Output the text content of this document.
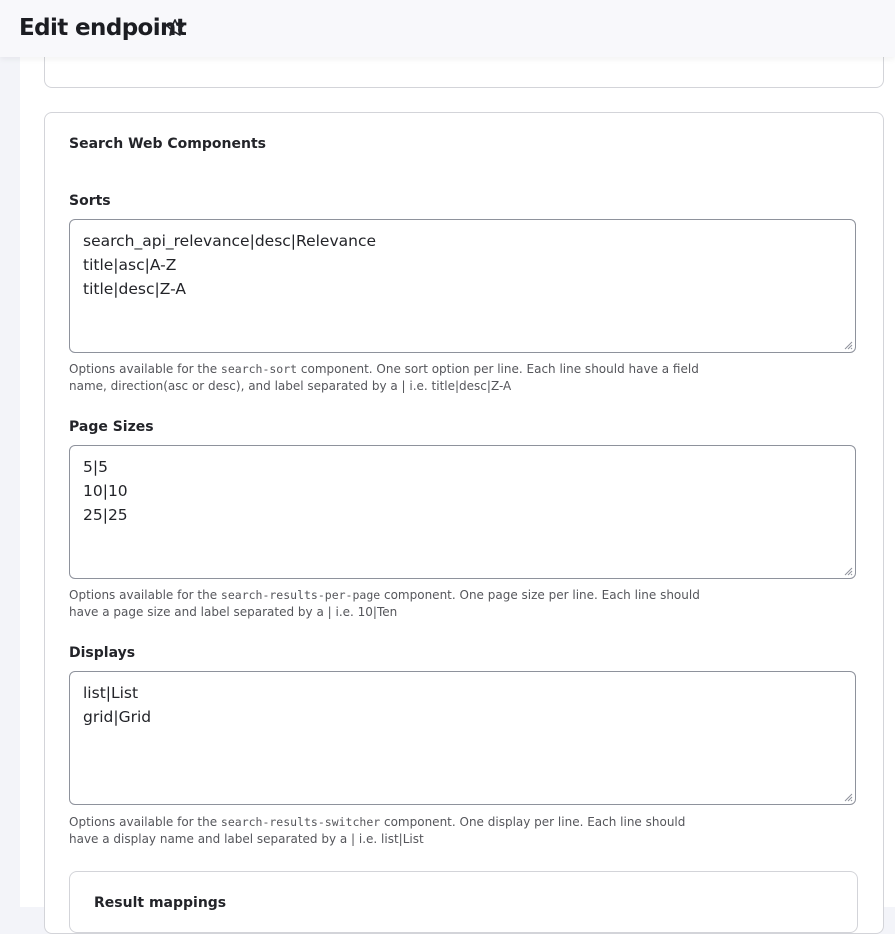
Edit endpoint
Search Web Components
Sorts
search_api_relevance|desc|Relevance
title|asc|A-Z
title|desc|Z-A
Options available for the search-sort component. One sort option per line. Each line should have a field name, direction(asc or desc), and label separated by a | i.e. title|desc|Z-A
Page Sizes
5|5
10|10
25|25
Options available for the search-results-per-page component. One page size per line. Each line should have a page size and label separated by a | i.e. 10|Ten
Displays
list|List
grid|Grid
Options available for the search-results-switcher component. One display per line. Each line should have a display name and label separated by a | i.e. list|List
Result mappings
